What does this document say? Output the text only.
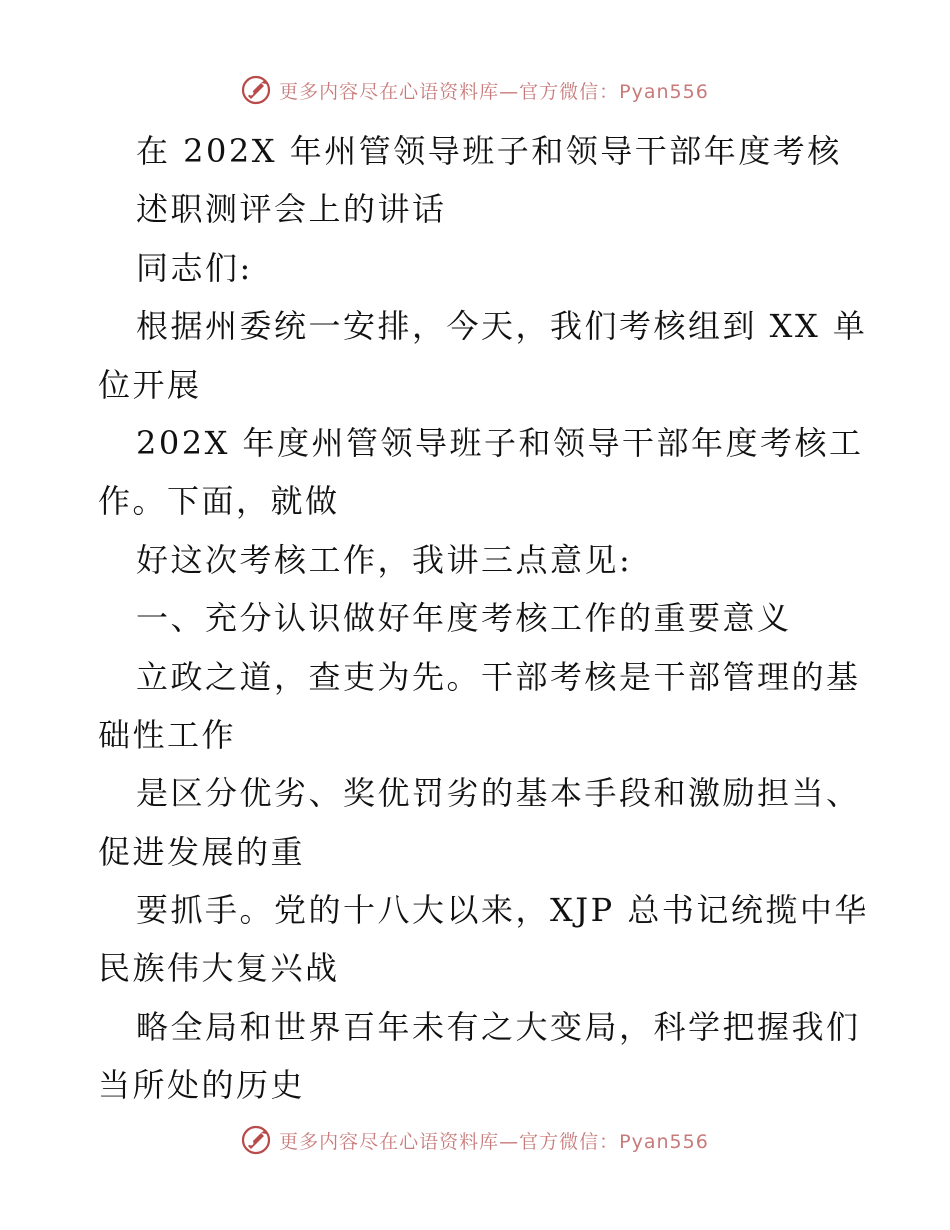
更多内容尽在心语资料库—官方微信：Pyan556
在 202X 年州管领导班子和领导干部年度考核
述职测评会上的讲话
同志们:
根据州委统一安排，今天，我们考核组到 XX 单
位开展
202X 年度州管领导班子和领导干部年度考核工
作。下面，就做
好这次考核工作，我讲三点意见:
一、充分认识做好年度考核工作的重要意义
立政之道，查吏为先。干部考核是干部管理的基
础性工作
是区分优劣、奖优罚劣的基本手段和激励担当、
促进发展的重
要抓手。党的十八大以来，XJP 总书记统揽中华
民族伟大复兴战
略全局和世界百年未有之大变局，科学把握我们
当所处的历史
更多内容尽在心语资料库—官方微信：Pyan556
